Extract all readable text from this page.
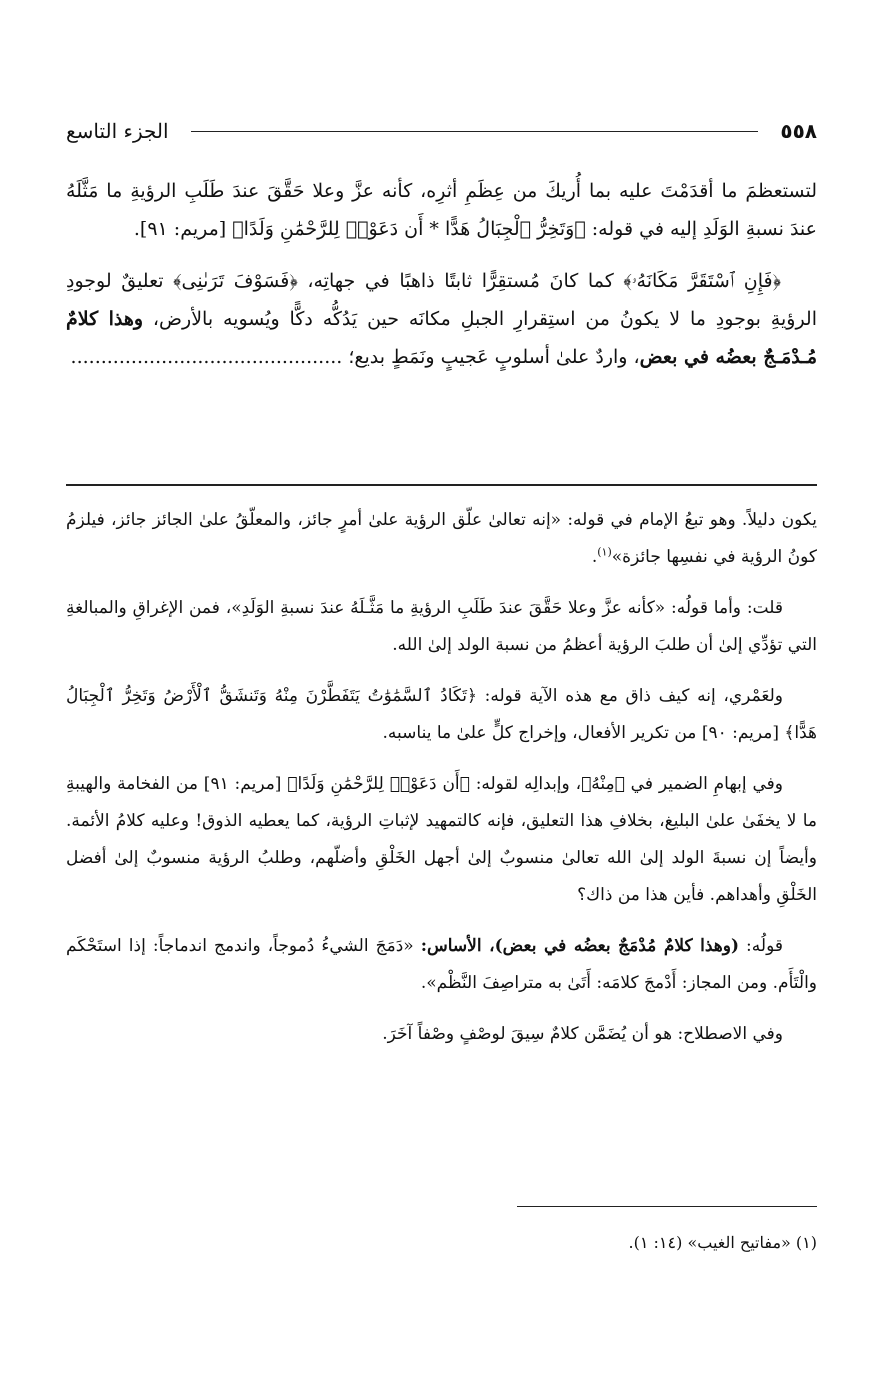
٥٥٨
الجزء التاسع

لتستعظمَ ما أقدَمْتَ عليه بما أُريكَ من عِظَمِ أثرِه، كأنه عزَّ وعلا حَقَّقَ عندَ طَلَبِ الرؤيةِ ما مَثَّلَهُ عندَ نسبةِ الوَلَدِ إليه في قوله: ﴿وَتَخِرُّ ٱلْجِبَالُ هَدًّا * أَن دَعَوْا۟ لِلرَّحْمَٰنِ وَلَدًا﴾ [مريم: ٩١].

﴿فَإِنِ ٱسْتَقَرَّ مَكَانَهُۥ﴾ كما كانَ مُستقِرًّا ثابتًا ذاهبًا في جهاتِه، ﴿فَسَوْفَ تَرَىٰنِى﴾ تعليقٌ لوجودِ الرؤيةِ بوجودِ ما لا يكونُ من استِقرارِ الجبلِ مكانَه حين يَدُكُّه دكًّا ويُسويه بالأرض، وهذا كلامٌ مُـدْمَـجٌ بعضُه في بعض، واردٌ علىٰ أسلوبٍ عَجيبٍ ونَمَطٍ بديع؛ .............................................

يكون دليلاً. وهو تبعُ الإمام في قوله: «إنه تعالىٰ علّق الرؤية علىٰ أمرٍ جائز، والمعلّقُ علىٰ الجائز جائز، فيلزمُ كونُ الرؤية في نفسِها جائزة»$^{(١)}$.

قلت: وأما قولُه: «كأنه عزَّ وعلا حَقَّقَ عندَ طَلَبِ الرؤيةِ ما مَثَّـلَهُ عندَ نسبةِ الوَلَدِ»، فمن الإغراقِ والمبالغةِ التي تؤدِّي إلىٰ أن طلبَ الرؤية أعظمُ من نسبة الولد إلىٰ الله.

ولعَمْري، إنه كيف ذاق مع هذه الآية قوله: ﴿تَكَادُ ٱلسَّمَٰوَٰتُ يَتَفَطَّرْنَ مِنْهُ وَتَنشَقُّ ٱلْأَرْضُ وَتَخِرُّ ٱلْجِبَالُ هَدًّا﴾ [مريم: ٩٠] من تكرير الأفعال، وإخراج كلٍّ علىٰ ما يناسبه.

وفي إبهامِ الضمير في ﴿مِنْهُ﴾، وإبدالِه لقوله: ﴿أَن دَعَوْا۟ لِلرَّحْمَٰنِ وَلَدًا﴾ [مريم: ٩١] من الفخامة والهيبةِ ما لا يخفَىٰ علىٰ البليغ، بخلافِ هذا التعليق، فإنه كالتمهيد لإثباتِ الرؤية، كما يعطيه الذوق! وعليه كلامُ الأئمة. وأيضاً إن نسبةَ الولد إلىٰ الله تعالىٰ منسوبٌ إلىٰ أجهل الخَلْقِ وأضلّهم، وطلبُ الرؤية منسوبٌ إلىٰ أفضل الخَلْقِ وأهداهم. فأين هذا من ذاك؟

قولُه: (وهذا كلامٌ مُدْمَجٌ بعضُه في بعض)، الأساس: «دَمَجَ الشيءُ دُموجاً، واندمج اندماجاً: إذا استَحْكَم والْتَأَم. ومن المجاز: أَدْمجَ كلامَه: أَتَىٰ به متراصِفَ النَّظْم».

وفي الاصطلاح: هو أن يُضَمَّن كلامٌ سِيقَ لوصْفٍ وصْفاً آخَرَ.

(١) «مفاتيح الغيب» (١٤: ١).
